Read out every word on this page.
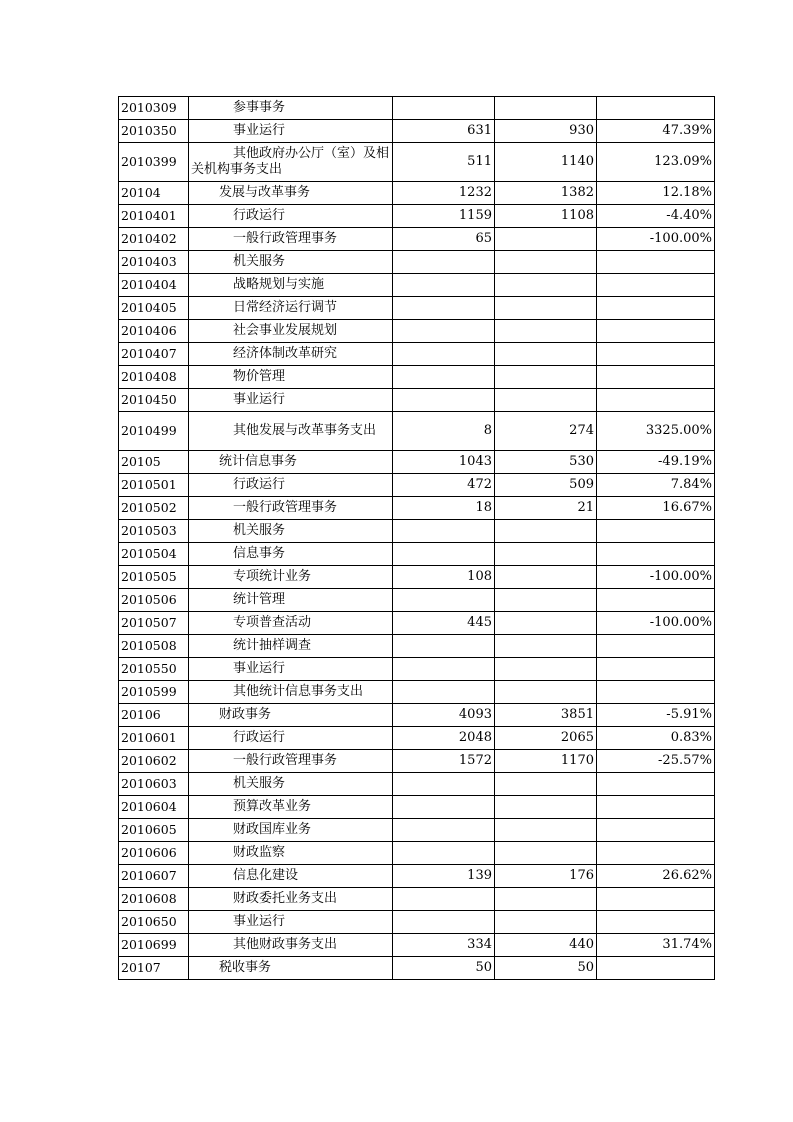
2010309	参事事务			
2010350	事业运行	631	930	47.39%
2010399	其他政府办公厅（室）及相关机构事务支出	511	1140	123.09%
20104	发展与改革事务	1232	1382	12.18%
2010401	行政运行	1159	1108	-4.40%
2010402	一般行政管理事务	65		-100.00%
2010403	机关服务			
2010404	战略规划与实施			
2010405	日常经济运行调节			
2010406	社会事业发展规划			
2010407	经济体制改革研究			
2010408	物价管理			
2010450	事业运行			
2010499	其他发展与改革事务支出	8	274	3325.00%
20105	统计信息事务	1043	530	-49.19%
2010501	行政运行	472	509	7.84%
2010502	一般行政管理事务	18	21	16.67%
2010503	机关服务			
2010504	信息事务			
2010505	专项统计业务	108		-100.00%
2010506	统计管理			
2010507	专项普查活动	445		-100.00%
2010508	统计抽样调查			
2010550	事业运行			
2010599	其他统计信息事务支出			
20106	财政事务	4093	3851	-5.91%
2010601	行政运行	2048	2065	0.83%
2010602	一般行政管理事务	1572	1170	-25.57%
2010603	机关服务			
2010604	预算改革业务			
2010605	财政国库业务			
2010606	财政监察			
2010607	信息化建设	139	176	26.62%
2010608	财政委托业务支出			
2010650	事业运行			
2010699	其他财政事务支出	334	440	31.74%
20107	税收事务	50	50	
